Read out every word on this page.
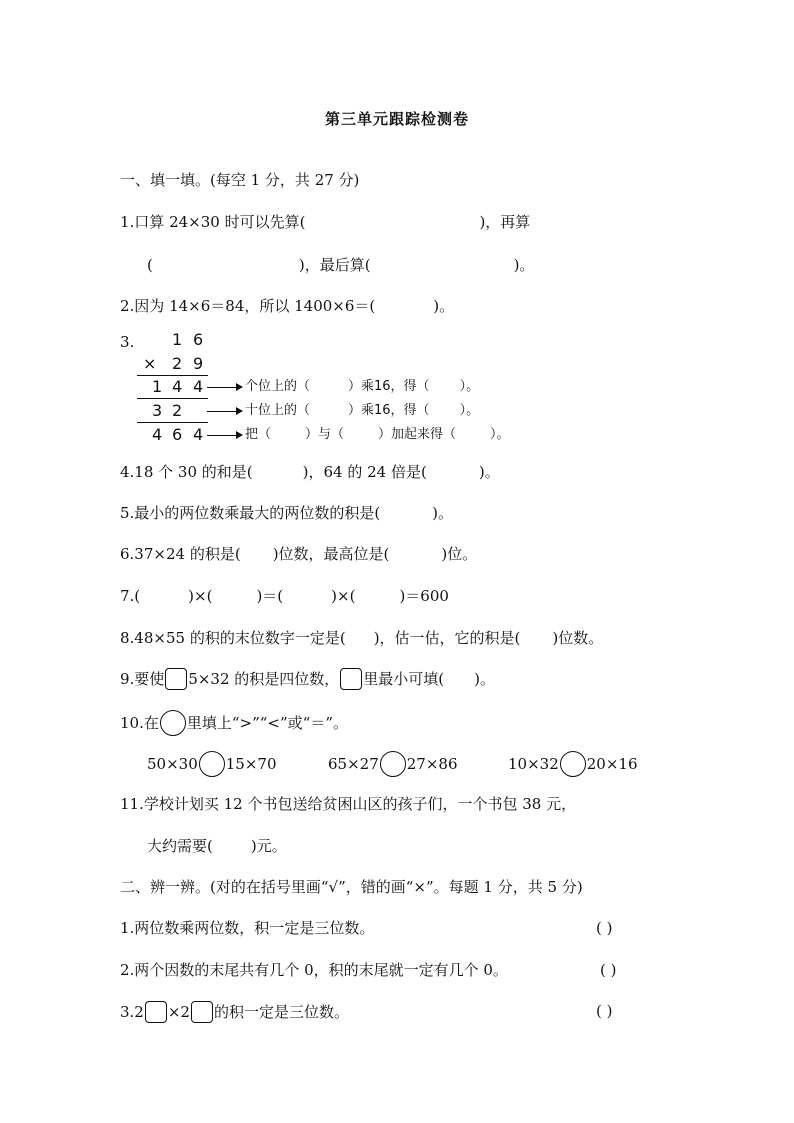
第三单元跟踪检测卷
一、填一填。(每空 1 分，共 27 分)
1.口算 24×30 时可以先算(	)，再算
(	)，最后算(	)。
2.因为 14×6＝84，所以 1400×6＝(	)。
3. 1 6
× 2 9
1 4 4	个位上的（	）乘16，得（ ）。
3 2	十位上的（	）乘16，得（ ）。
4 6 4	把（	）与（	）加起来得（	）。
4.18 个 30 的和是(	)，64 的 24 倍是(	)。
5.最小的两位数乘最大的两位数的积是(	)。
6.37×24 的积是( )位数，最高位是(	)位。
7.(	)×(	)＝(	)×(	)＝600
8.48×55 的积的末位数字一定是( )，估一估，它的积是( )位数。
9.要使 5×32 的积是四位数， 里最小可填( )。
10.在 里填上“>”“<”或“＝”。
50×30 15×70	65×27 27×86	10×32 20×16
11.学校计划买 12 个书包送给贫困山区的孩子们，一个书包 38 元，
大约需要(	)元。
二、辨一辨。(对的在括号里画“√”，错的画“×”。每题 1 分，共 5 分)
1.两位数乘两位数，积一定是三位数。	( )
2.两个因数的末尾共有几个 0，积的末尾就一定有几个 0。	( )
3.2 ×2 的积一定是三位数。	( )
